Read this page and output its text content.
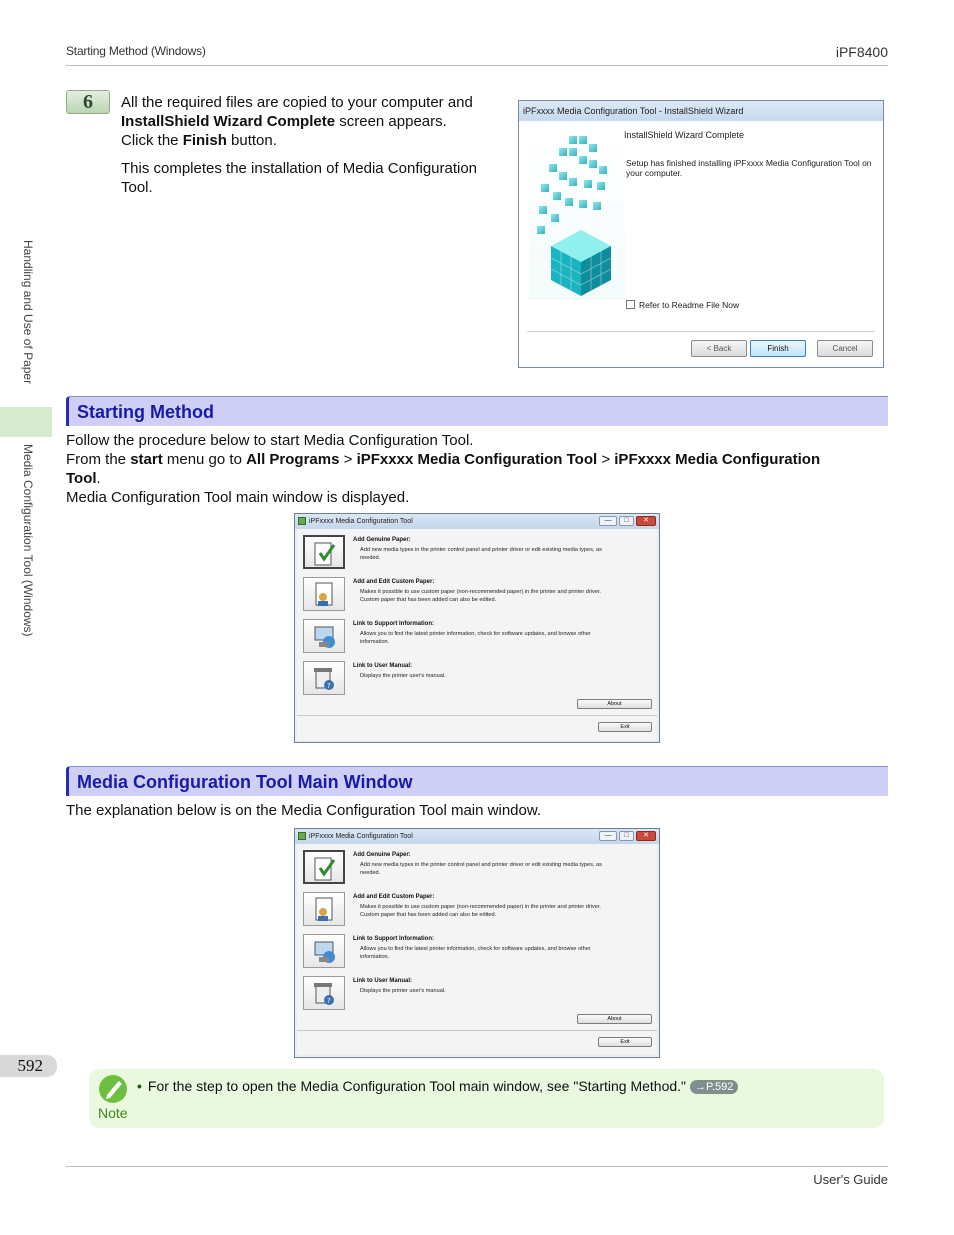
Starting Method (Windows)	iPF8400
Handling and Use of Paper
Media Configuration Tool (Windows)
6	All the required files are copied to your computer and
InstallShield Wizard Complete screen appears.
Click the Finish button.
This completes the installation of Media Configuration
Tool.
iPFxxxx Media Configuration Tool - InstallShield Wizard
InstallShield Wizard Complete
Setup has finished installing iPFxxxx Media Configuration Tool on
your computer.
Refer to Readme File Now
< Back	Finish	Cancel
Starting Method
Follow the procedure below to start Media Configuration Tool.
From the start menu go to All Programs > iPFxxxx Media Configuration Tool > iPFxxxx Media Configuration
Tool.
Media Configuration Tool main window is displayed.
iPFxxxx Media Configuration Tool	— □ ✕
Add Genuine Paper:
Add new media types in the printer control panel and printer driver or edit existing media types, as
needed.
Add and Edit Custom Paper:
Makes it possible to use custom paper (non-recommended paper) in the printer and printer driver.
Custom paper that has been added can also be edited.
Link to Support Information:
Allows you to find the latest printer information, check for software updates, and browse other
information.
?
Link to User Manual:
Displays the printer user's manual.
About
Exit
Media Configuration Tool Main Window
The explanation below is on the Media Configuration Tool main window.
iPFxxxx Media Configuration Tool	— □ ✕
Add Genuine Paper:
Add new media types in the printer control panel and printer driver or edit existing media types, as
needed.
Add and Edit Custom Paper:
Makes it possible to use custom paper (non-recommended paper) in the printer and printer driver.
Custom paper that has been added can also be edited.
Link to Support Information:
Allows you to find the latest printer information, check for software updates, and browse other
information.
?
Link to User Manual:
Displays the printer user's manual.
About
Exit
592
Note
• For the step to open the Media Configuration Tool main window, see "Starting Method." →P.592
User's Guide
